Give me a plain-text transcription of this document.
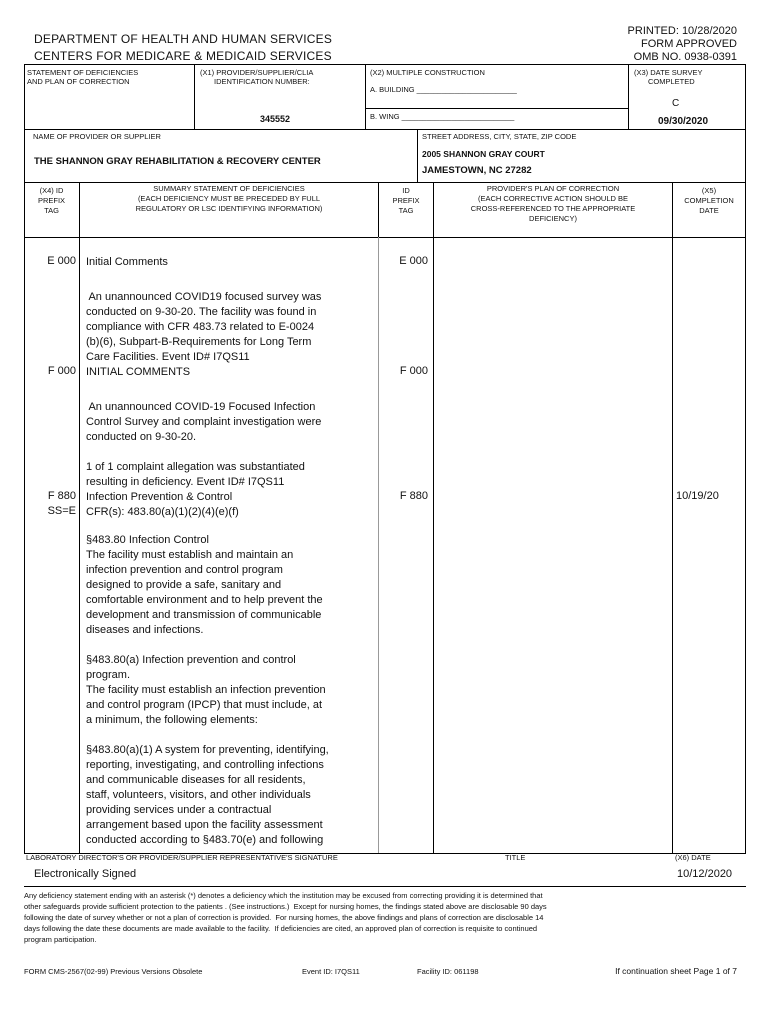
DEPARTMENT OF HEALTH AND HUMAN SERVICES
CENTERS FOR MEDICARE & MEDICAID SERVICES
PRINTED: 10/28/2020
FORM APPROVED
OMB NO. 0938-0391
STATEMENT OF DEFICIENCIES
AND PLAN OF CORRECTION
(X1) PROVIDER/SUPPLIER/CLIA
IDENTIFICATION NUMBER:
345552
(X2) MULTIPLE CONSTRUCTION
A. BUILDING ________________________
B. WING ___________________________
(X3) DATE SURVEY
COMPLETED
C
09/30/2020
NAME OF PROVIDER OR SUPPLIER
THE SHANNON GRAY REHABILITATION & RECOVERY CENTER
STREET ADDRESS, CITY, STATE, ZIP CODE
2005 SHANNON GRAY COURT
JAMESTOWN, NC 27282
(X4) ID
PREFIX
TAG
SUMMARY STATEMENT OF DEFICIENCIES
(EACH DEFICIENCY MUST BE PRECEDED BY FULL
REGULATORY OR LSC IDENTIFYING INFORMATION)
ID
PREFIX
TAG
PROVIDER'S PLAN OF CORRECTION
(EACH CORRECTIVE ACTION SHOULD BE
CROSS-REFERENCED TO THE APPROPRIATE
DEFICIENCY)
(X5)
COMPLETION
DATE
E 000 Initial Comments	E 000
An unannounced COVID19 focused survey was
conducted on 9-30-20. The facility was found in
compliance with CFR 483.73 related to E-0024
(b)(6), Subpart-B-Requirements for Long Term
Care Facilities. Event ID# I7QS11
F 000 INITIAL COMMENTS	F 000
An unannounced COVID-19 Focused Infection
Control Survey and complaint investigation were
conducted on 9-30-20.

1 of 1 complaint allegation was substantiated
resulting in deficiency. Event ID# I7QS11
F 880
SS=E
Infection Prevention & Control
CFR(s): 483.80(a)(1)(2)(4)(e)(f)
F 880	10/19/20
§483.80 Infection Control
The facility must establish and maintain an
infection prevention and control program
designed to provide a safe, sanitary and
comfortable environment and to help prevent the
development and transmission of communicable
diseases and infections.

§483.80(a) Infection prevention and control
program.
The facility must establish an infection prevention
and control program (IPCP) that must include, at
a minimum, the following elements:

§483.80(a)(1) A system for preventing, identifying,
reporting, investigating, and controlling infections
and communicable diseases for all residents,
staff, volunteers, visitors, and other individuals
providing services under a contractual
arrangement based upon the facility assessment
conducted according to §483.70(e) and following
LABORATORY DIRECTOR'S OR PROVIDER/SUPPLIER REPRESENTATIVE'S SIGNATURE	TITLE	(X6) DATE
Electronically Signed	10/12/2020
Any deficiency statement ending with an asterisk (*) denotes a deficiency which the institution may be excused from correcting providing it is determined that
other safeguards provide sufficient protection to the patients . (See instructions.)  Except for nursing homes, the findings stated above are disclosable 90 days
following the date of survey whether or not a plan of correction is provided.  For nursing homes, the above findings and plans of correction are disclosable 14
days following the date these documents are made available to the facility.  If deficiencies are cited, an approved plan of correction is requisite to continued
program participation.
FORM CMS-2567(02-99) Previous Versions Obsolete	Event ID: I7QS11	Facility ID: 061198	If continuation sheet Page 1 of 7
